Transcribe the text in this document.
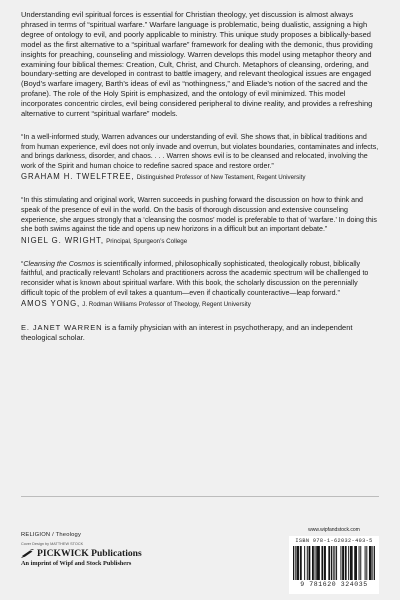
Understanding evil spiritual forces is essential for Christian theology, yet discussion is almost always phrased in terms of “spiritual warfare.” Warfare language is problematic, being dualistic, assigning a high degree of ontology to evil, and poorly applicable to ministry. This unique study proposes a biblically-based model as the first alternative to a “spiritual warfare” framework for dealing with the demonic, thus providing insights for preaching, counseling and missiology. Warren develops this model using metaphor theory and examining four biblical themes: Creation, Cult, Christ, and Church. Metaphors of cleansing, ordering, and boundary-setting are developed in contrast to battle imagery, and relevant theological issues are engaged (Boyd’s warfare imagery, Barth’s ideas of evil as “nothingness,” and Eliade’s notion of the sacred and the profane). The role of the Holy Spirit is emphasized, and the ontology of evil minimized. This model incorporates concentric circles, evil being considered peripheral to divine reality, and provides a refreshing alternative to current “spiritual warfare” models.

“In a well-informed study, Warren advances our understanding of evil. She shows that, in biblical traditions and from human experience, evil does not only invade and overrun, but violates boundaries, contaminates and infects, and brings darkness, disorder, and chaos. . . . Warren shows evil is to be cleansed and relocated, involving the work of the Spirit and human choice to redefine sacred space and restore order.”

GRAHAM H. TWELFTREE, Distinguished Professor of New Testament, Regent University

“In this stimulating and original work, Warren succeeds in pushing forward the discussion on how to think and speak of the presence of evil in the world. On the basis of thorough discussion and extensive counseling experience, she argues strongly that a ‘cleansing the cosmos’ model is preferable to that of ‘warfare.’ In doing this she both swims against the tide and opens up new horizons in a difficult but an important debate.”

NIGEL G. WRIGHT, Principal, Spurgeon’s College

“Cleansing the Cosmos is scientifically informed, philosophically sophisticated, theologically robust, biblically faithful, and practically relevant! Scholars and practitioners across the academic spectrum will be challenged to reconsider what is known about spiritual warfare. With this book, the scholarly discussion on the perennially difficult topic of the problem of evil takes a quantum—even if chaotically counteractive—leap forward.”

AMOS YONG, J. Rodman Williams Professor of Theology, Regent University

E. JANET WARREN is a family physician with an interest in psychotherapy, and an independent theological scholar.

RELIGION / Theology
Cover Design by MATTHEW STOCK
PICKWICK Publications
An imprint of Wipf and Stock Publishers
www.wipfandstock.com
ISBN 978-1-62032-403-5
9 781620 324035
